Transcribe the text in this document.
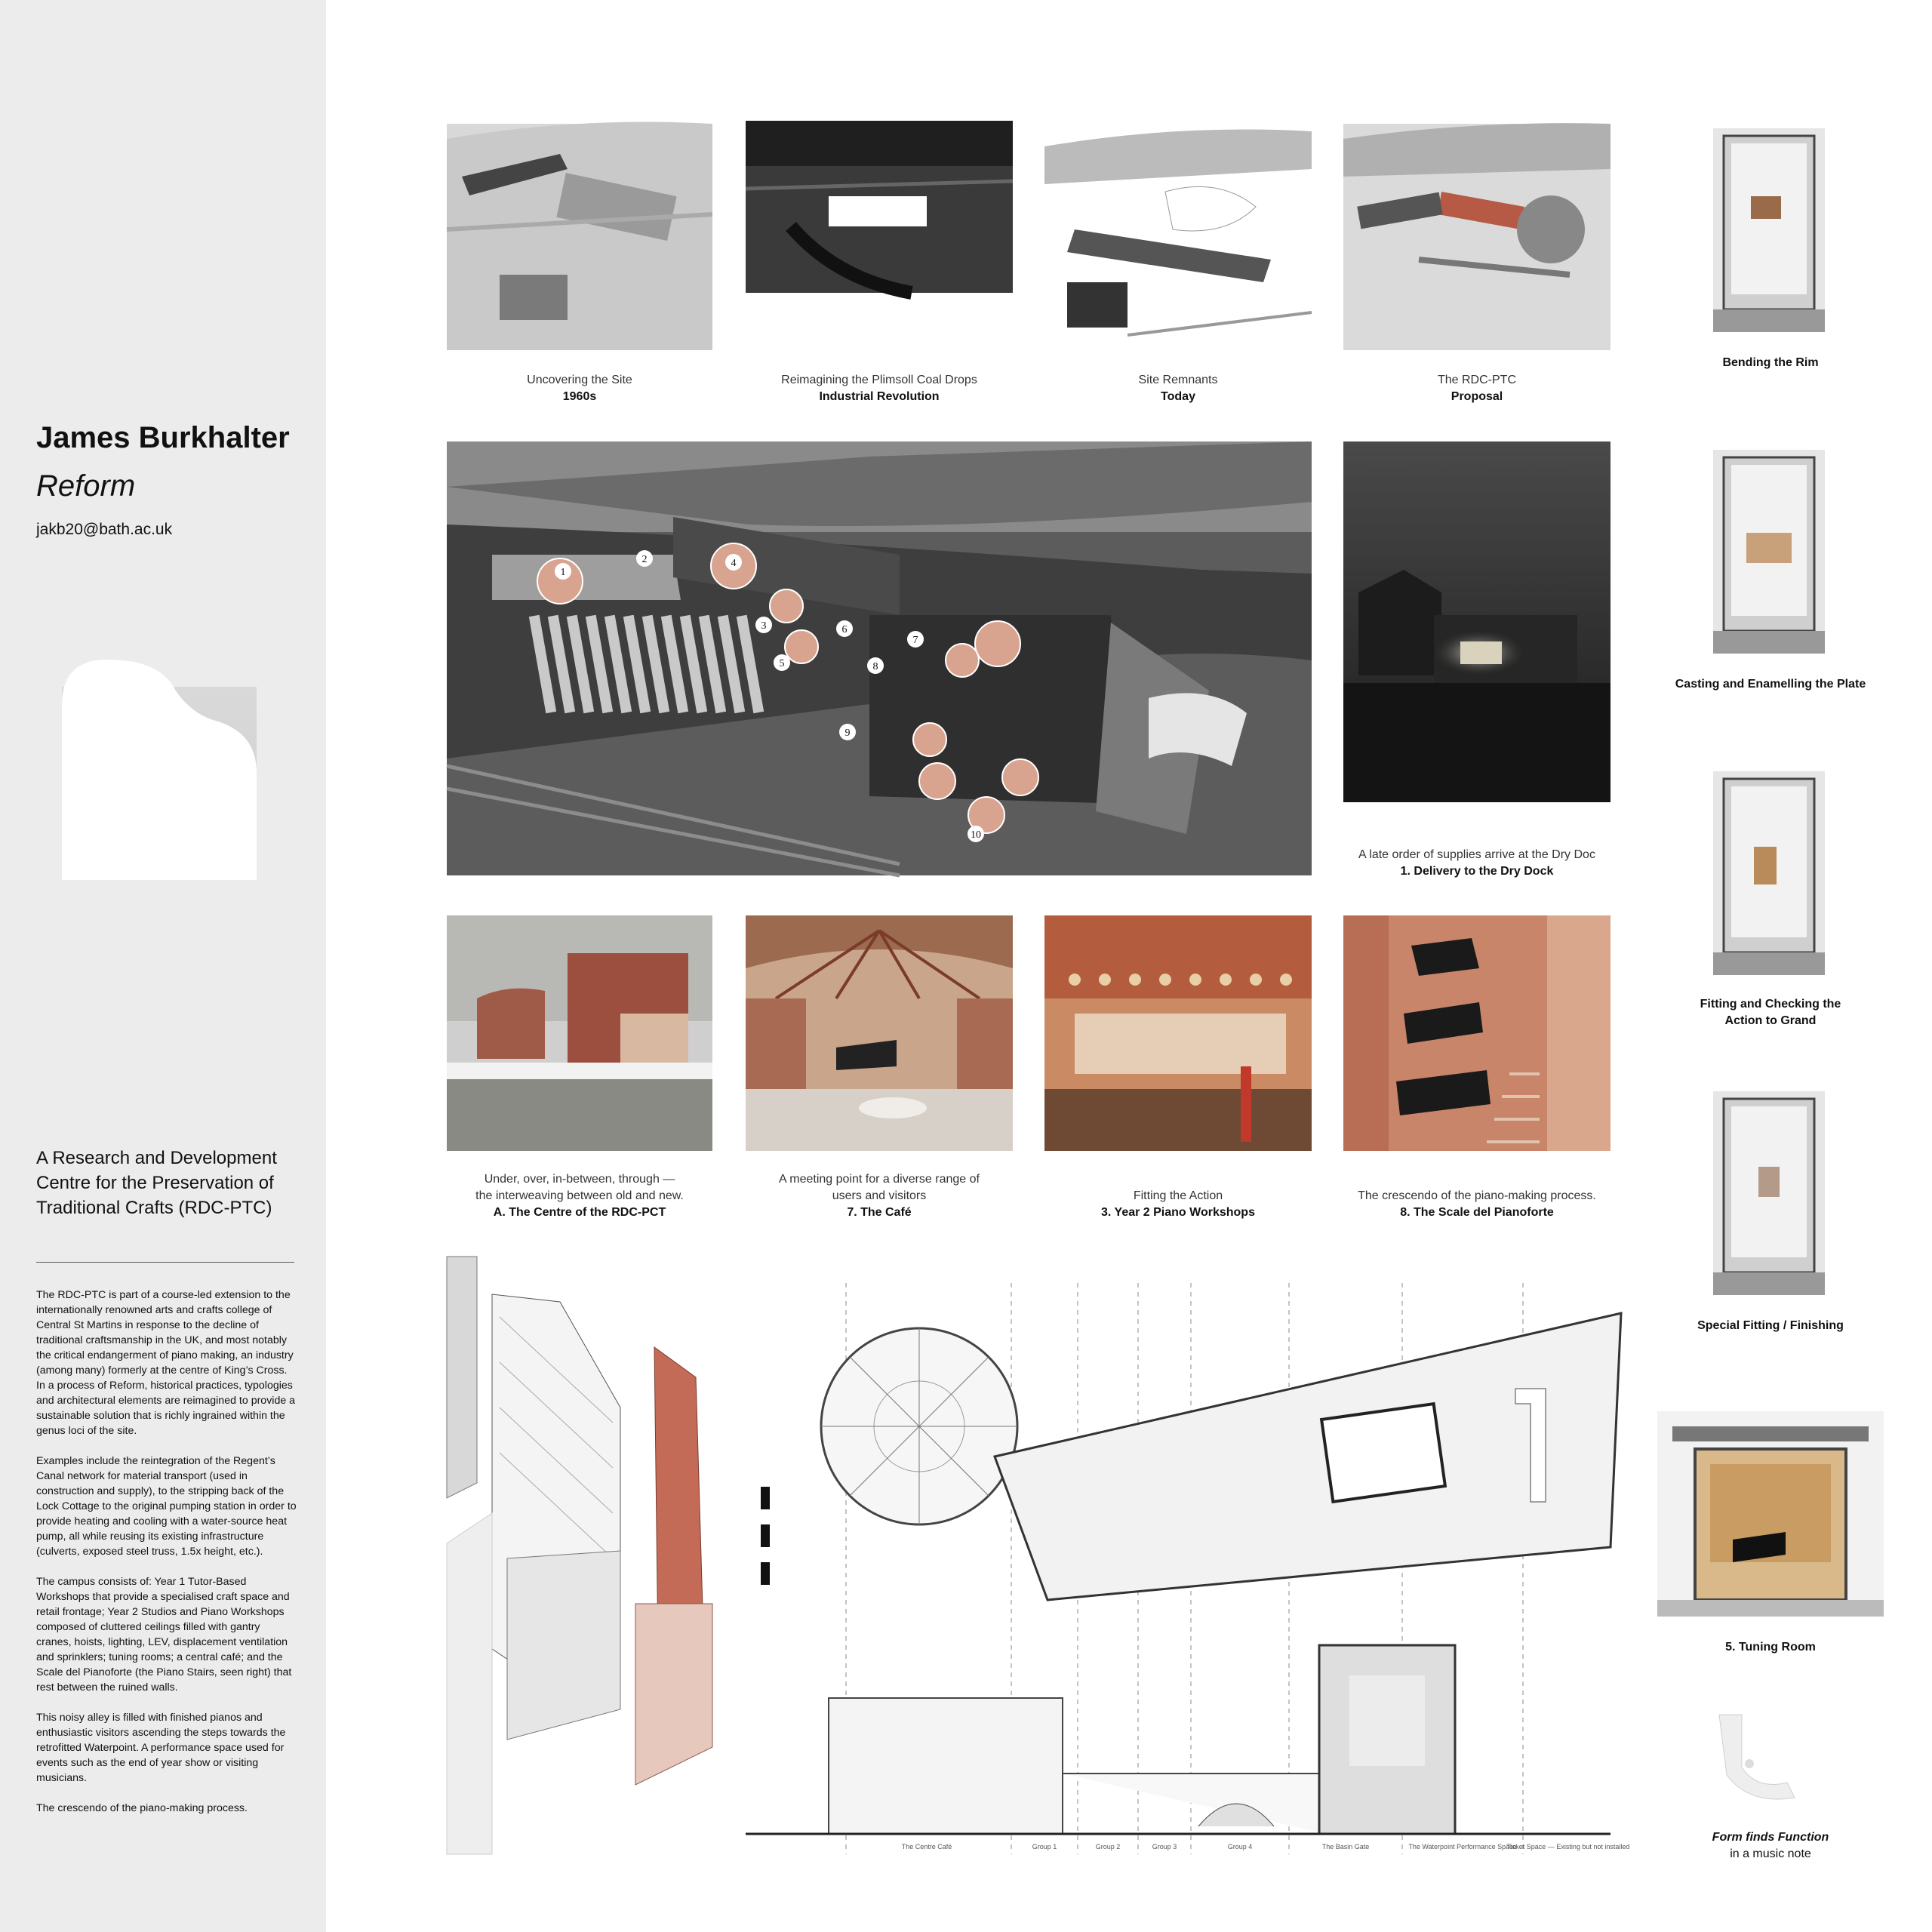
James Burkhalter
Reform
jakb20@bath.ac.uk
A Research and Development Centre for the Preservation of Traditional Crafts (RDC-PTC)

The RDC-PTC is part of a course-led extension to the internationally renowned arts and crafts college of Central St Martins in response to the decline of traditional craftsmanship in the UK, and most notably the critical endangerment of piano making, an industry (among many) formerly at the centre of King’s Cross. In a process of Reform, historical practices, typologies and architectural elements are reimagined to provide a sustainable solution that is richly ingrained within the genus loci of the site.

Examples include the reintegration of the Regent’s Canal network for material transport (used in construction and supply), to the stripping back of the Lock Cottage to the original pumping station in order to provide heating and cooling with a water-source heat pump, all while reusing its existing infrastructure (culverts, exposed steel truss, 1.5x height, etc.).

The campus consists of: Year 1 Tutor-Based Workshops that provide a specialised craft space and retail frontage; Year 2 Studios and Piano Workshops composed of cluttered ceilings filled with gantry cranes, hoists, lighting, LEV, displacement ventilation and sprinklers; tuning rooms; a central café; and the Scale del Pianoforte (the Piano Stairs, seen right) that rest between the ruined walls.

This noisy alley is filled with finished pianos and enthusiastic visitors ascending the steps towards the retrofitted Waterpoint. A performance space used for events such as the end of year show or visiting musicians.

The crescendo of the piano-making process.

Uncovering the Site
1960s
Reimagining the Plimsoll Coal Drops
Industrial Revolution
Site Remnants
Today
The RDC-PTC
Proposal
1
2
3
4
5
6
7
8
9
10
A late order of supplies arrive at the Dry Doc
1. Delivery to the Dry Dock
Under, over, in-between, through —
the interweaving between old and new.
A. The Centre of the RDC-PCT
A meeting point for a diverse range of
users and visitors
7. The Café
Fitting the Action
3. Year 2 Piano Workshops
The crescendo of the piano-making process.
8. The Scale del Pianoforte
The Centre Café	Group 1	Group 2	Group 3	Group 4	The Basin Gate	The Waterpoint Performance Space
Ticket Space — Existing but not installed
Bending the Rim
Casting and Enamelling the Plate
Fitting and Checking the
Action to Grand
Special Fitting / Finishing
5. Tuning Room
Form finds Function
in a music note
